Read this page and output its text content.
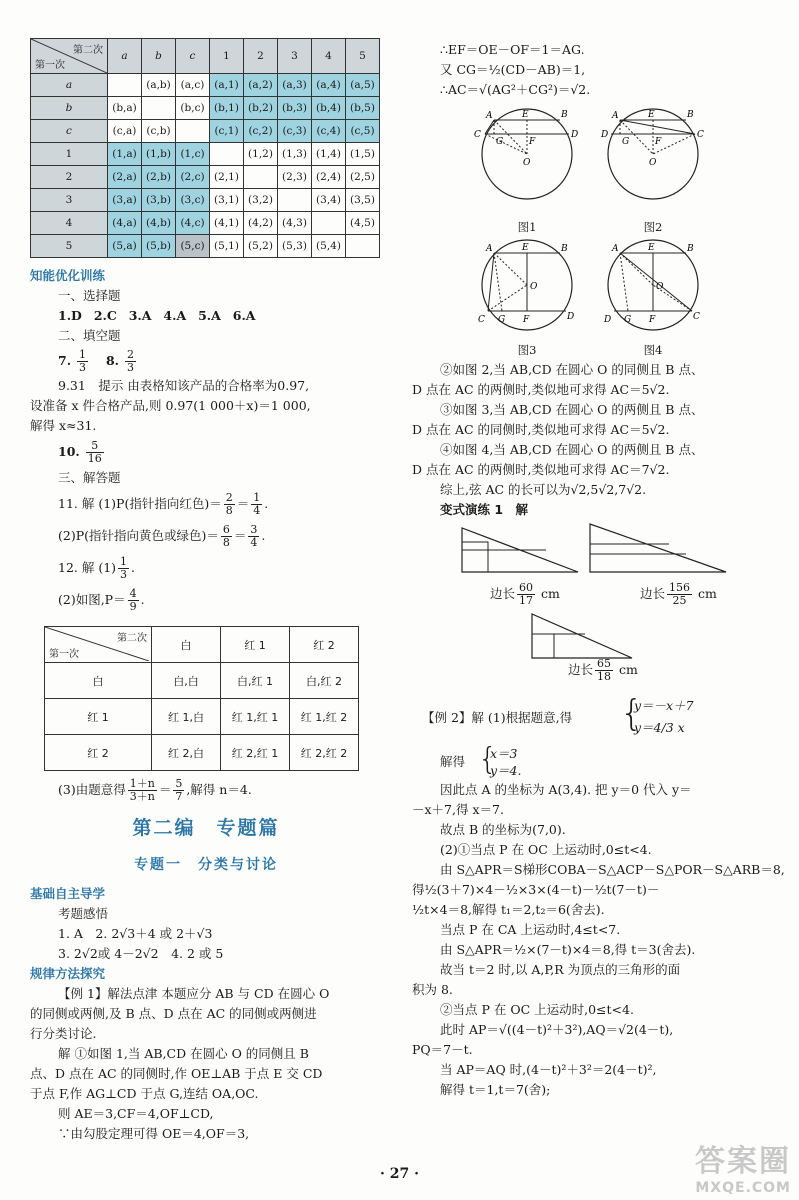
第二次
第一次	a	b	c	1	2	3	4	5
a		(a,b)	(a,c)	(a,1)	(a,2)	(a,3)	(a,4)	(a,5)
b	(b,a)		(b,c)	(b,1)	(b,2)	(b,3)	(b,4)	(b,5)
c	(c,a)	(c,b)		(c,1)	(c,2)	(c,3)	(c,4)	(c,5)
1	(1,a)	(1,b)	(1,c)		(1,2)	(1,3)	(1,4)	(1,5)
2	(2,a)	(2,b)	(2,c)	(2,1)		(2,3)	(2,4)	(2,5)
3	(3,a)	(3,b)	(3,c)	(3,1)	(3,2)		(3,4)	(3,5)
4	(4,a)	(4,b)	(4,c)	(4,1)	(4,2)	(4,3)		(4,5)
5	(5,a)	(5,b)	(5,c)	(5,1)	(5,2)	(5,3)	(5,4)	
知能优化训练
一、选择题
1.D 2.C 3.A 4.A 5.A 6.A
二、填空题
7. $\frac{1}{3} 8$. $\frac{2}{3}$
9.31　提示 由表格知该产品的合格率为0.97,
设准备 x 件合格产品,则 0.97(1 000＋x)＝1 000,
解得 x≈31.
10. $\frac{5}{16}$
三、解答题
11. 解 (1)P(指针指向红色)＝ $\frac{2}{8} = \frac{1}{4}$ .
(2)P(指针指向黄色或绿色)＝ $\frac{6}{8} = \frac{3}{4}$ .
12. 解 $(1) \frac{1}{3}$ .
(2)如图$,P= \frac{4}{9}$ .
第二次
第一次	白	红 1	红 2
白	白,白	白,红 1	白,红 2
红 1	红 1,白	红 1,红 1	红 1,红 2
红 2	红 2,白	红 2,红 1	红 2,红 2
(3)由题意得 $\frac{1+n}{3+n} = \frac{5}{7}$ ,解得 n＝4.
第二编　专题篇
专题一　分类与讨论
基础自主导学
考题感悟
1. A　2. 2√3＋4 或 2＋√3
3. 2√2或 4－2√2　4. 2 或 5
规律方法探究
【例 1】解法点津 本题应分 AB 与 CD 在圆心 O
的同侧或两侧,及 B 点、D 点在 AC 的同侧或两侧进
行分类讨论.
解 ①如图 1,当 AB,CD 在圆心 O 的同侧且 B
点、D 点在 AC 的同侧时,作 OE⊥AB 于点 E 交 CD
于点 F,作 AG⊥CD 于点 G,连结 OA,OC.
则 AE＝3,CF＝4,OF⊥CD,
∵由勾股定理可得 OE＝4,OF＝3,
∴EF＝OE－OF＝1＝AG.
又 CG＝½(CD－AB)＝1,
∴AC＝√(AG²＋CG²)＝√2.
A	E	B
C
G	F
D
O
图1

A	E	B
D
G	F
C
O
图2
A	E	B
O
C G F	D
图3

A	E	B
O
D G F	C
图4
②如图 2,当 AB,CD 在圆心 O 的同侧且 B 点、
D 点在 AC 的两侧时,类似地可求得 AC＝5√2.
③如图 3,当 AB,CD 在圆心 O 的两侧且 B 点、
D 点在 AC 的同侧时,类似地可求得 AC＝5√2.
④如图 4,当 AB,CD 在圆心 O 的两侧且 B 点、
D 点在 AC 的两侧时,类似地可求得 AC＝7√2.
综上,弦 AC 的长可以为√2,5√2,7√2.
变式演练 1　解
边长 $\frac{60}{17}$ cm	边长 $\frac{156}{25}$ cm
边长 $\frac{65}{18}$ cm
【例 2】解 (1)根据题意,得 {
y＝－x＋7
y＝4/3 x
解得 {
x＝3
y＝4.
因此点 A 的坐标为 A(3,4). 把 y＝0 代入 y＝
－x＋7,得 x＝7.
故点 B 的坐标为(7,0).
(2)①当点 P 在 OC 上运动时,0≤t<4.
由 S△APR＝S梯形COBA－S△ACP－S△POR－S△ARB＝8,
得½(3＋7)×4－½×3×(4－t)－½t(7－t)－
½t×4＝8,解得 t₁＝2,t₂＝6(舍去).
当点 P 在 CA 上运动时,4≤t<7.
由 S△APR＝½×(7－t)×4＝8,得 t＝3(舍去).
故当 t＝2 时,以 A,P,R 为顶点的三角形的面
积为 8.
②当点 P 在 OC 上运动时,0≤t<4.
此时 AP＝√((4－t)²＋3²),AQ＝√2(4－t),
PQ＝7－t.
当 AP＝AQ 时,(4－t)²＋3²＝2(4－t)²,
解得 t＝1,t＝7(舍);
· 27 ·	答案圈
MXQE.COM
